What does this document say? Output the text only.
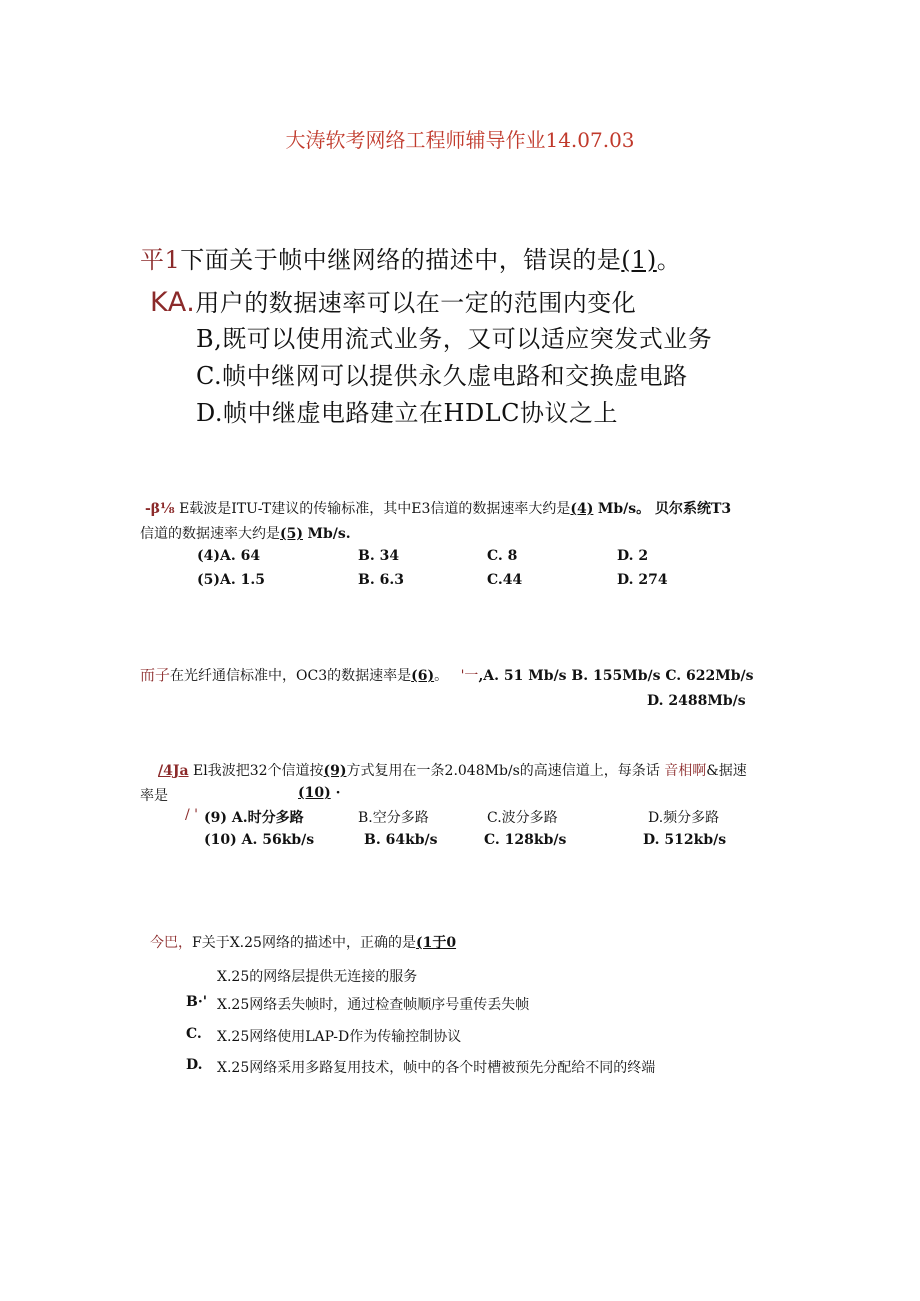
大涛软考网络工程师辅导作业14.07.03
平1下面关于帧中继网络的描述中，错误的是(1)。
KA.用户的数据速率可以在一定的范围内变化
B,既可以使用流式业务，又可以适应突发式业务
C.帧中继网可以提供永久虚电路和交换虚电路
D.帧中继虚电路建立在HDLC协议之上
-β⅛ E载波是ITU-T建议的传输标准，其中E3信道的数据速率大约是(4) Mb/s。 贝尔系统T3
信道的数据速率大约是(5) Mb/s.
(4)A. 64	B. 34	C. 8	D. 2
(5)A. 1.5	B. 6.3	C.44	D. 274
而子在光纤通信标准中，OC3的数据速率是(6)。 '一,A. 51 Mb/s B. 155Mb∕s C. 622Mb∕s
D. 2488Mb∕s
/4Ja El我波把32个信道按(9)方式复用在一条2.048Mb∕s的高速信道上，每条话 音相啊&据速
率是	(10) ·
/ ' (9) A.时分多路	B.空分多路	C.波分多路	D.频分多路
(10) A. 56kb∕s	B. 64kb∕s	C. 128kb∕s	D. 512kb∕s
今巴，F关于X.25网络的描述中，正确的是(1于0
X.25的网络层提供无连接的服务
B·' X.25网络丢失帧时，通过检查帧顺序号重传丢失帧
C. X.25网络使用LAP-D作为传输控制协议
D. X.25网络采用多路复用技术，帧中的各个时槽被预先分配给不同的终端
